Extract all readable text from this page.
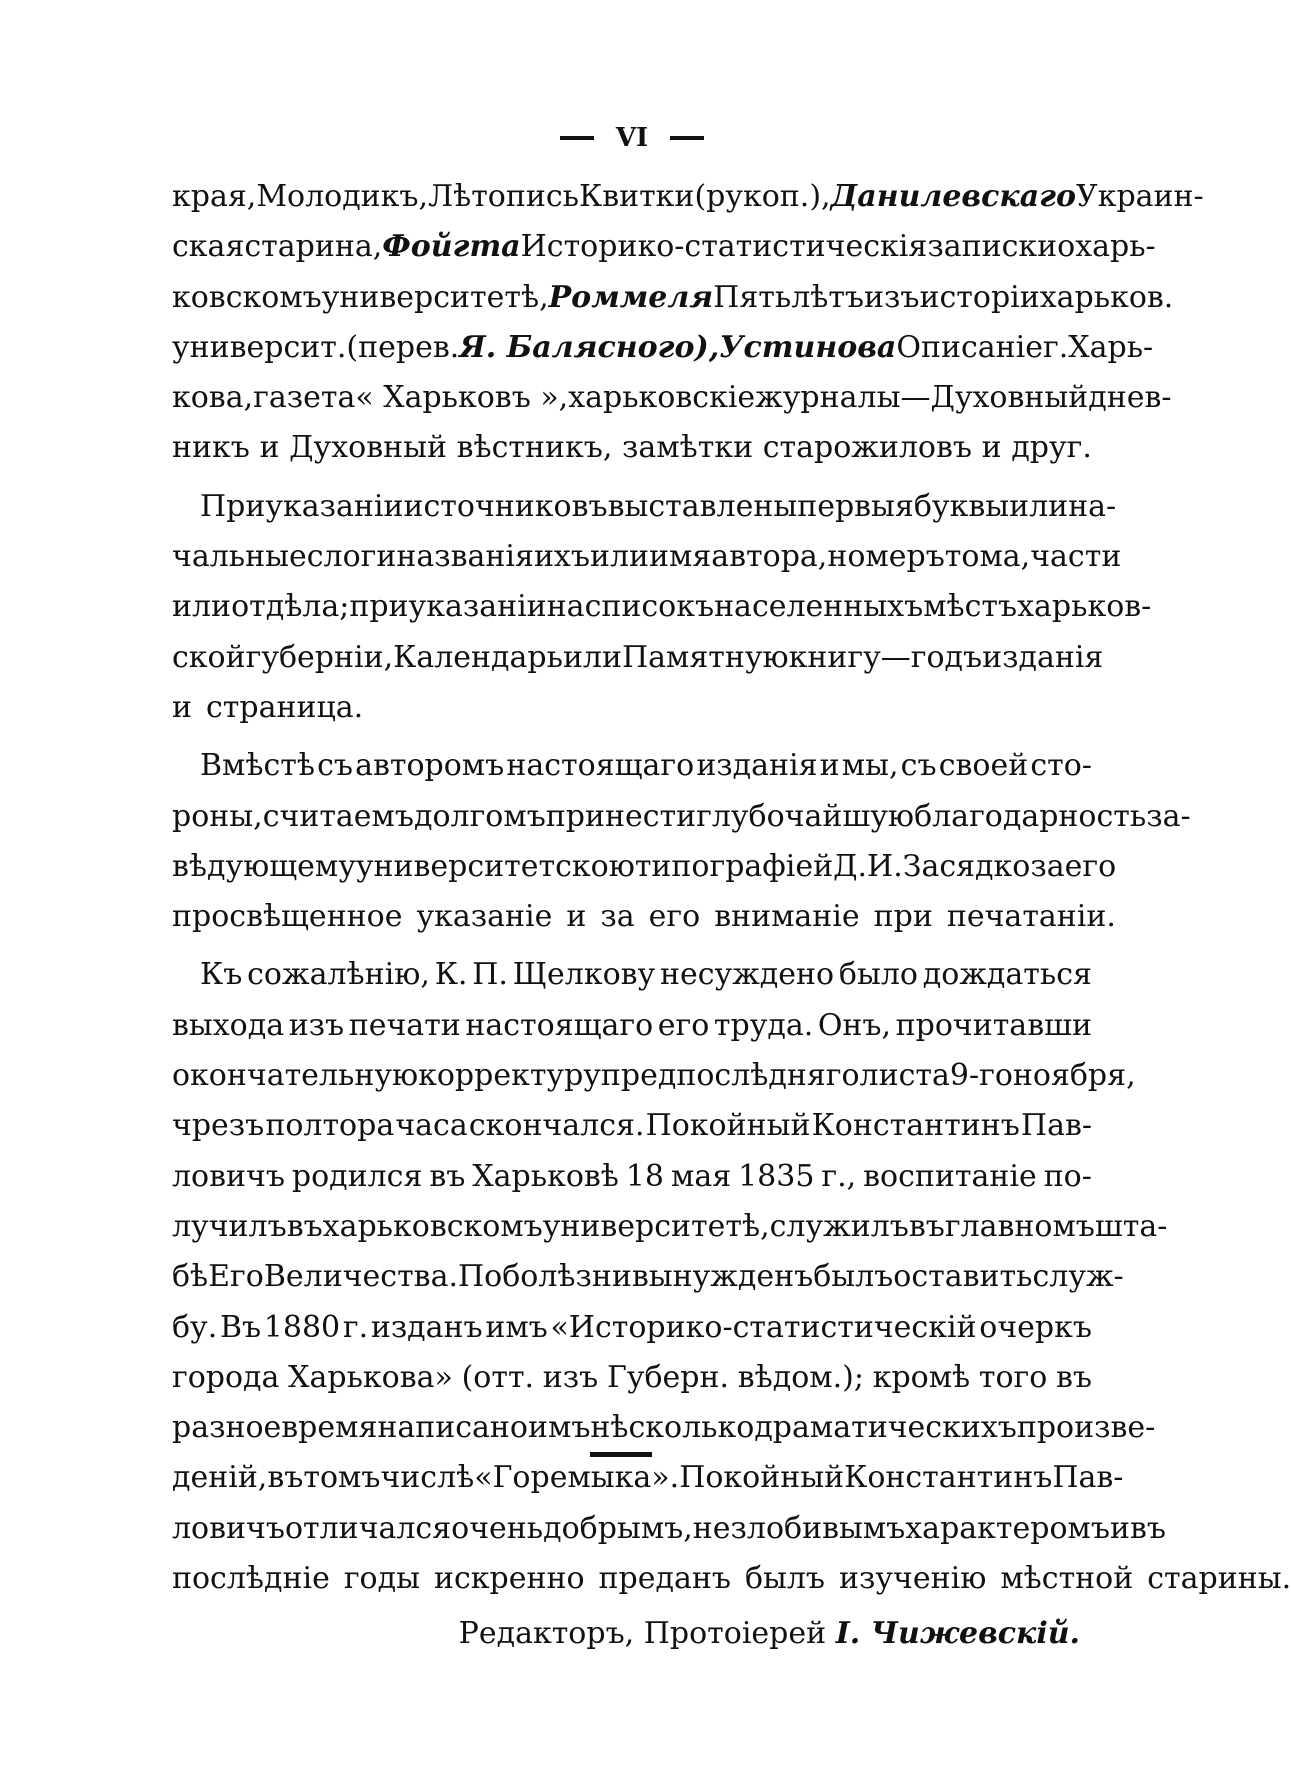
VI
края, Молодикъ, Лѣтопись Квитки (рукоп.), Данилевскаго Украин-
ская старина, Фойгта Историко-статистическія записки о харь-
ковскомъ университетѣ, Роммеля Пять лѣтъ изъ исторіи харьков.
университ. (перев. Я. Балясного), Устинова Описаніе г. Харь-
кова, газета « Харьковъ », харьковскіе журналы — Духовный днев-
никъ и Духовный вѣстникъ, замѣтки старожиловъ и друг.
При указаніи источниковъ выставлены первыя буквы или на-
чальные слоги названія ихъ или имя автора, номеръ тома, части
или отдѣла; при указаніи на списокъ населенныхъ мѣстъ харьков-
ской губерніи, Календарь или Памятную книгу — годъ изданія
и страница.
Вмѣстѣ съ авторомъ настоящаго изданія и мы, съ своей сто-
роны, считаемъ долгомъ принести глубочайшую благодарность за-
вѣдующему университетскою типографіей Д. И. Засядко за его
просвѣщенное указаніе и за его вниманіе при печатаніи.
Къ сожалѣнію, К. П. Щелкову несуждено было дождаться
выхода изъ печати настоящаго его труда. Онъ, прочитавши
окончательную корректуру предпослѣдняго листа 9-го ноября,
чрезъ полтора часа скончался. Покойный Константинъ Пав-
ловичъ родился въ Харьковѣ 18 мая 1835 г., воспитаніе по-
лучилъ въ харьковскомъ университетѣ, служилъ въ главномъ шта-
бѣ Его Величества. По болѣзни вынужденъ былъ оставить служ-
бу. Въ 1880 г. изданъ имъ «Историко-статистическій очеркъ
города Харькова» (отт. изъ Губерн. вѣдом.); кромѣ того въ
разное время написано имъ нѣсколько драматическихъ произве-
деній, въ томъ числѣ «Горемыка». Покойный Константинъ Пав-
ловичъ отличался очень добрымъ, незлобивымъ характеромъ и въ
послѣдніе годы искренно преданъ былъ изученію мѣстной старины.
Редакторъ, Протоіерей І. Чижевскій.
